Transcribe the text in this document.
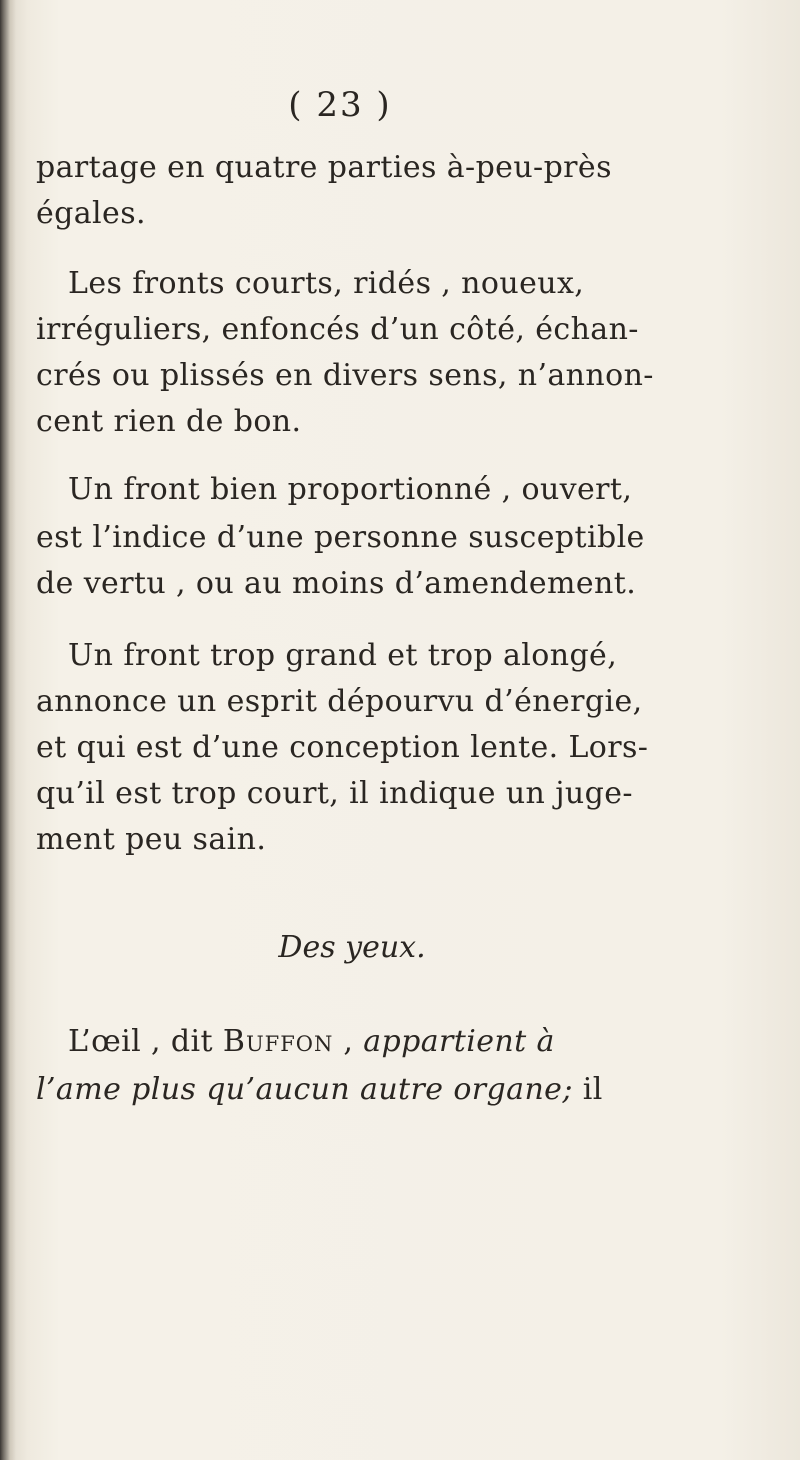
( 23 )
partage en quatre parties à-peu-près
égales.
Les fronts courts, ridés , noueux,
irréguliers, enfoncés d’un côté, échan-
crés ou plissés en divers sens, n’annon-
cent rien de bon.
Un front bien proportionné , ouvert,
est l’indice d’une personne susceptible
de vertu , ou au moins d’amendement.
Un front trop grand et trop alongé,
annonce un esprit dépourvu d’énergie,
et qui est d’une conception lente. Lors-
qu’il est trop court, il indique un juge-
ment peu sain.
Des yeux.
L’œil , dit Buffon , appartient à
l’ame plus qu’aucun autre organe; il
